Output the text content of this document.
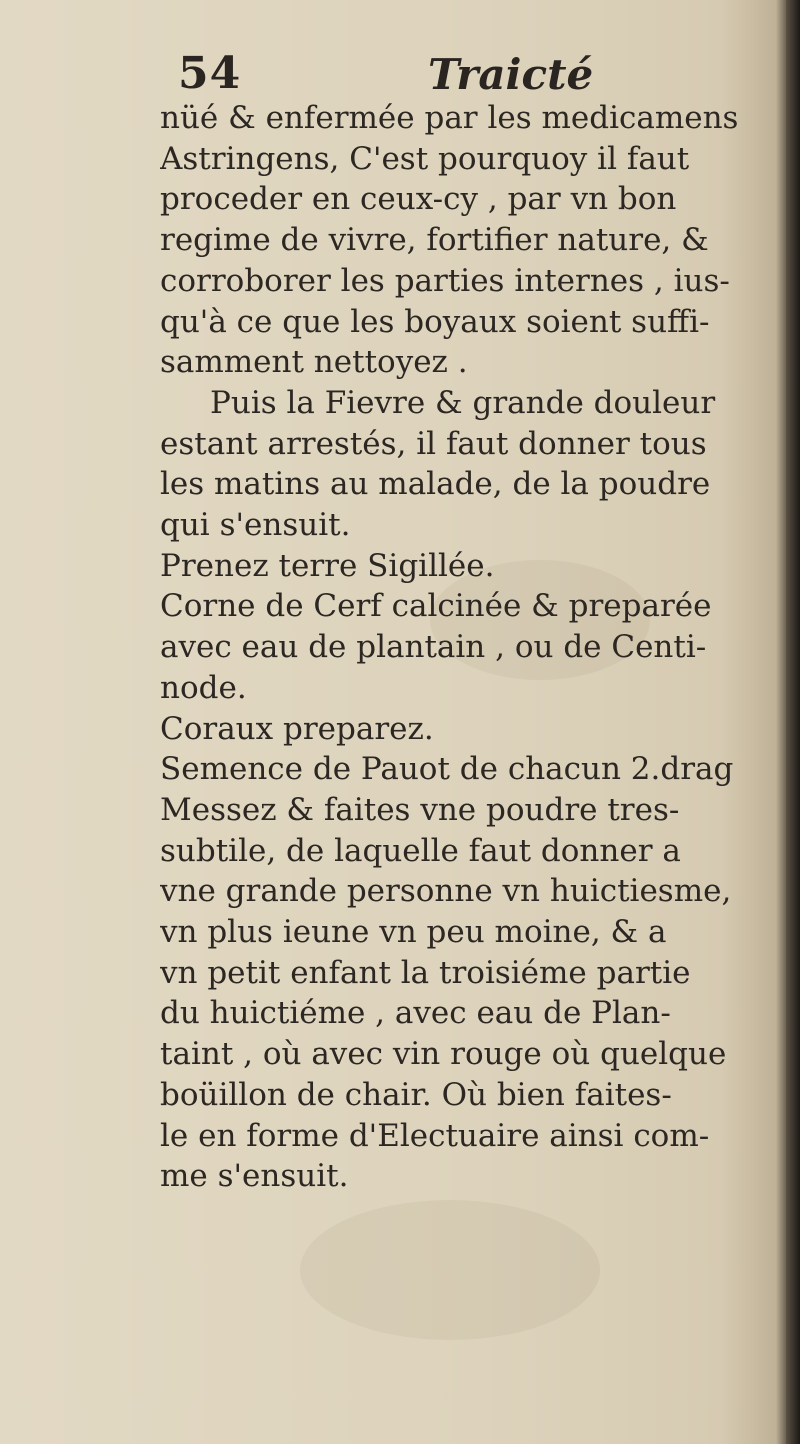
54	Traicté
nüé & enfermée par les medicamens
Astringens, C'est pourquoy il faut
proceder en ceux-cy , par vn bon
regime de vivre, fortifier nature, &
corroborer les parties internes , ius-
qu'à ce que les boyaux soient suffi-
samment nettoyez .
Puis la Fievre & grande douleur
estant arrestés, il faut donner tous
les matins au malade, de la poudre
qui s'ensuit.
Prenez terre Sigillée.
Corne de Cerf calcinée & preparée
avec eau de plantain , ou de Centi-
node.
Coraux preparez.
Semence de Pauot de chacun 2.drag
Messez & faites vne poudre tres-
subtile, de laquelle faut donner a
vne grande personne vn huictiesme,
vn plus ieune vn peu moine, & a
vn petit enfant la troisiéme partie
du huictiéme , avec eau de Plan-
taint , où avec vin rouge où quelque
boüillon de chair. Où bien faites-
le en forme d'Electuaire ainsi com-
me s'ensuit.
